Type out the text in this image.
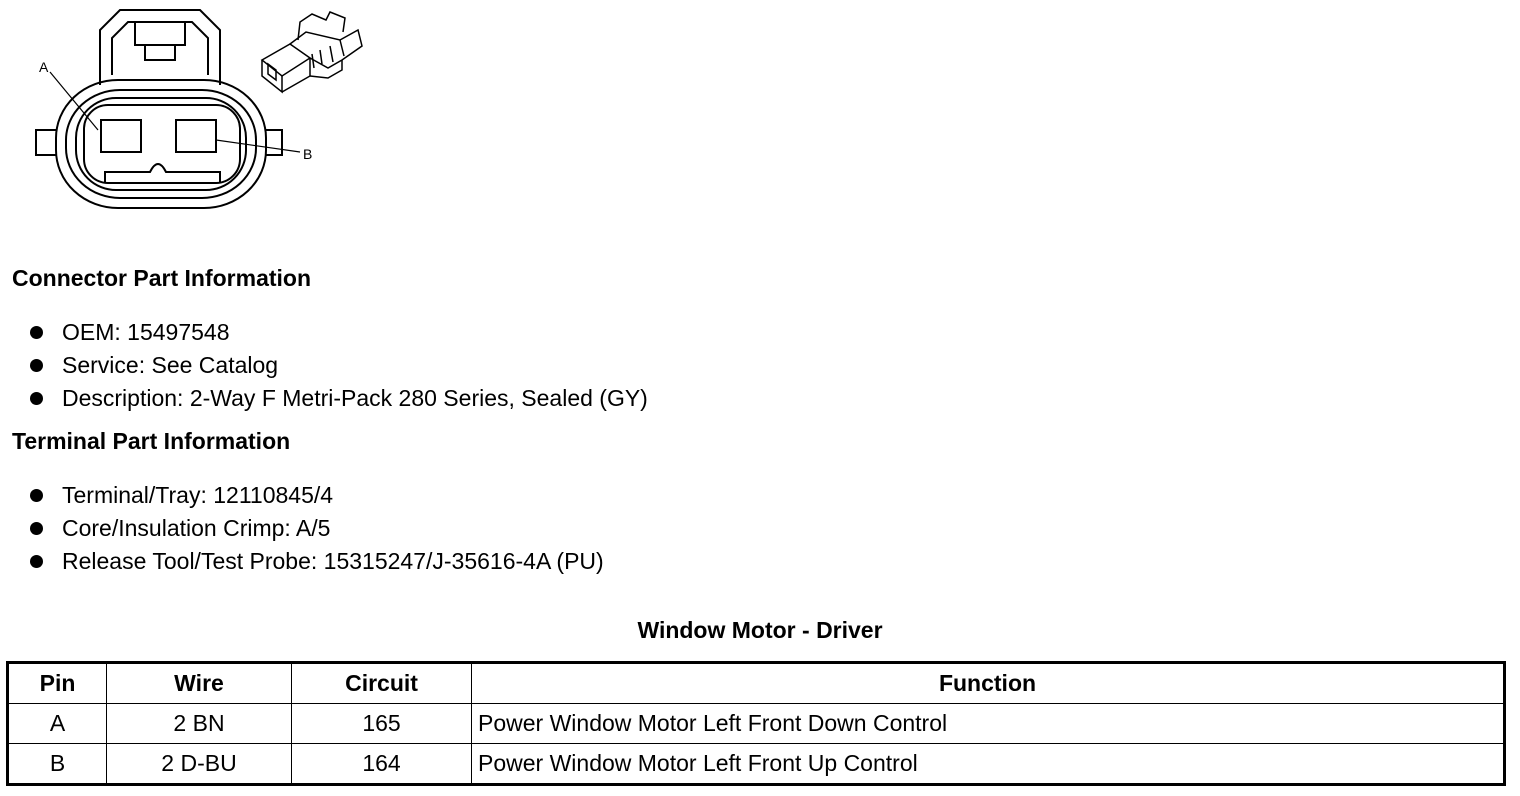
A
B
Connector Part Information
OEM: 15497548
Service: See Catalog
Description: 2-Way F Metri-Pack 280 Series, Sealed (GY)
Terminal Part Information
Terminal/Tray: 12110845/4
Core/Insulation Crimp: A/5
Release Tool/Test Probe: 15315247/J-35616-4A (PU)
Window Motor - Driver
Pin	Wire	Circuit	Function
A	2 BN	165	Power Window Motor Left Front Down Control
B	2 D-BU	164	Power Window Motor Left Front Up Control
